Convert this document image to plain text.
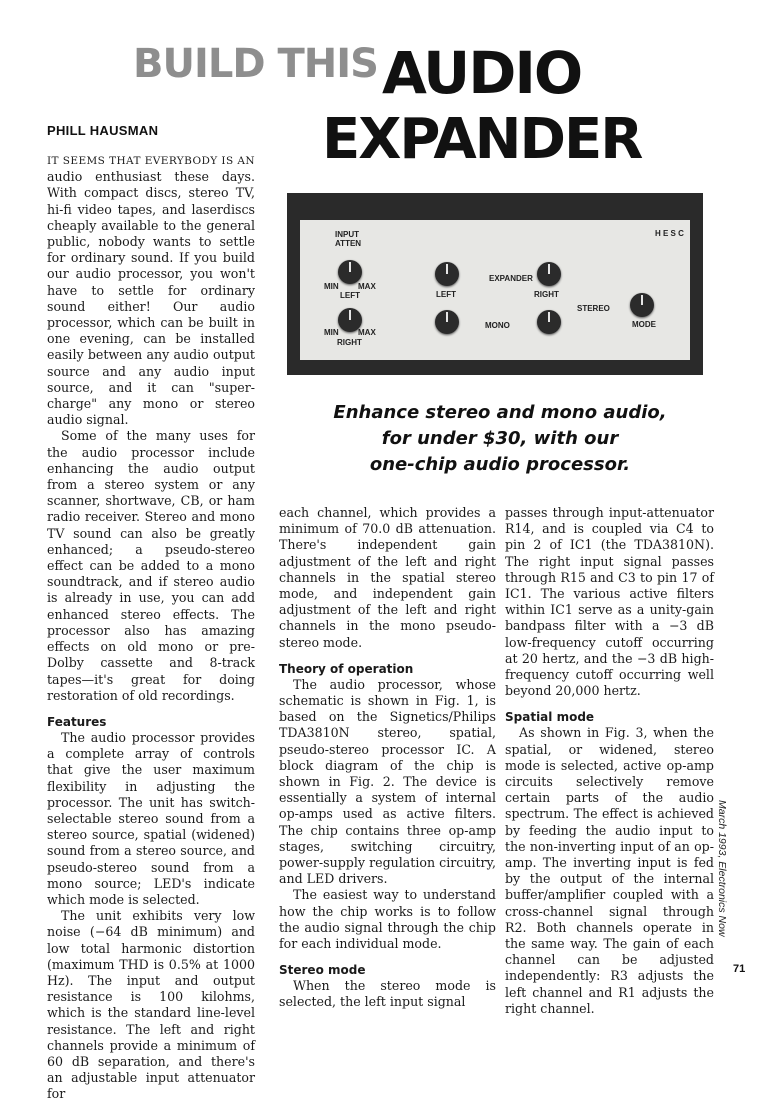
BUILD THIS AUDIO
EXPANDER
PHILL HAUSMAN
INPUT
ATTEN
H E S C
MIN MAX
LEFT	LEFT
EXPANDER
RIGHT
STEREO
MODE
MIN MAX
RIGHT
MONO
Enhance stereo and mono audio,
for under $30, with our
one-chip audio processor.

IT SEEMS THAT EVERYBODY IS AN audio enthusiast these days. With compact discs, stereo TV, hi-fi video tapes, and laserdiscs cheaply available to the general public, nobody wants to settle for ordinary sound. If you build our audio processor, you won't have to settle for ordinary sound either! Our audio processor, which can be built in one evening, can be installed easily between any audio output source and any audio input source, and it can "super-charge" any mono or stereo audio signal.

Some of the many uses for the audio processor include enhancing the audio output from a stereo system or any scanner, shortwave, CB, or ham radio receiver. Stereo and mono TV sound can also be greatly enhanced; a pseudo-stereo effect can be added to a mono soundtrack, and if stereo audio is already in use, you can add enhanced stereo effects. The processor also has amazing effects on old mono or pre-Dolby cassette and 8-track tapes—it's great for doing restoration of old recordings.

Features

The audio processor provides a complete array of controls that give the user maximum flexibility in adjusting the processor. The unit has switch-selectable stereo sound from a stereo source, spatial (widened) sound from a stereo source, and pseudo-stereo sound from a mono source; LED's indicate which mode is selected.

The unit exhibits very low noise (−64 dB minimum) and low total harmonic distortion (maximum THD is 0.5% at 1000 Hz). The input and output resistance is 100 kilohms, which is the standard line-level resistance. The left and right channels provide a minimum of 60 dB separation, and there's an adjustable input attenuator for

each channel, which provides a minimum of 70.0 dB attenuation. There's independent gain adjustment of the left and right channels in the spatial stereo mode, and independent gain adjustment of the left and right channels in the mono pseudo-stereo mode.

Theory of operation

The audio processor, whose schematic is shown in Fig. 1, is based on the Signetics/Philips TDA3810N stereo, spatial, pseudo-stereo processor IC. A block diagram of the chip is shown in Fig. 2. The device is essentially a system of internal op-amps used as active filters. The chip contains three op-amp stages, switching circuitry, power-supply regulation circuitry, and LED drivers.

The easiest way to understand how the chip works is to follow the audio signal through the chip for each individual mode.

Stereo mode

When the stereo mode is selected, the left input signal

passes through input-attenuator R14, and is coupled via C4 to pin 2 of IC1 (the TDA3810N). The right input signal passes through R15 and C3 to pin 17 of IC1. The various active filters within IC1 serve as a unity-gain bandpass filter with a −3 dB low-frequency cutoff occurring at 20 hertz, and the −3 dB high-frequency cutoff occurring well beyond 20,000 hertz.

Spatial mode

As shown in Fig. 3, when the spatial, or widened, stereo mode is selected, active op-amp circuits selectively remove certain parts of the audio spectrum. The effect is achieved by feeding the audio input to the non-inverting input of an op-amp. The inverting input is fed by the output of the internal buffer/amplifier coupled with a cross-channel signal through R2. Both channels operate in the same way. The gain of each channel can be adjusted independently: R3 adjusts the left channel and R1 adjusts the right channel.

March 1993, Electronics Now
71
